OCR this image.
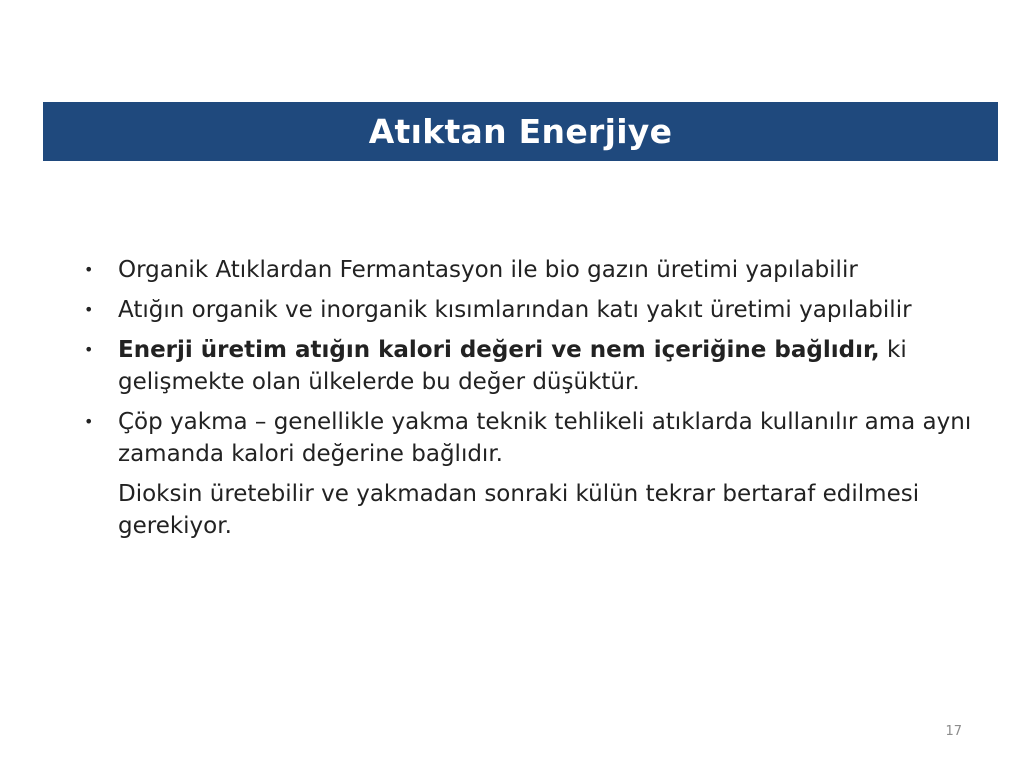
Atıktan Enerjiye
• Organik Atıklardan Fermantasyon ile bio gazın üretimi yapılabilir
• Atığın organik ve inorganik kısımlarından katı yakıt üretimi yapılabilir
• Enerji üretim atığın kalori değeri ve nem içeriğine bağlıdır, ki gelişmekte olan ülkelerde bu değer düşüktür.
• Çöp yakma – genellikle yakma teknik tehlikeli atıklarda kullanılır ama aynı zamanda kalori değerine bağlıdır.
Dioksin üretebilir ve yakmadan sonraki külün tekrar bertaraf edilmesi gerekiyor.
17
